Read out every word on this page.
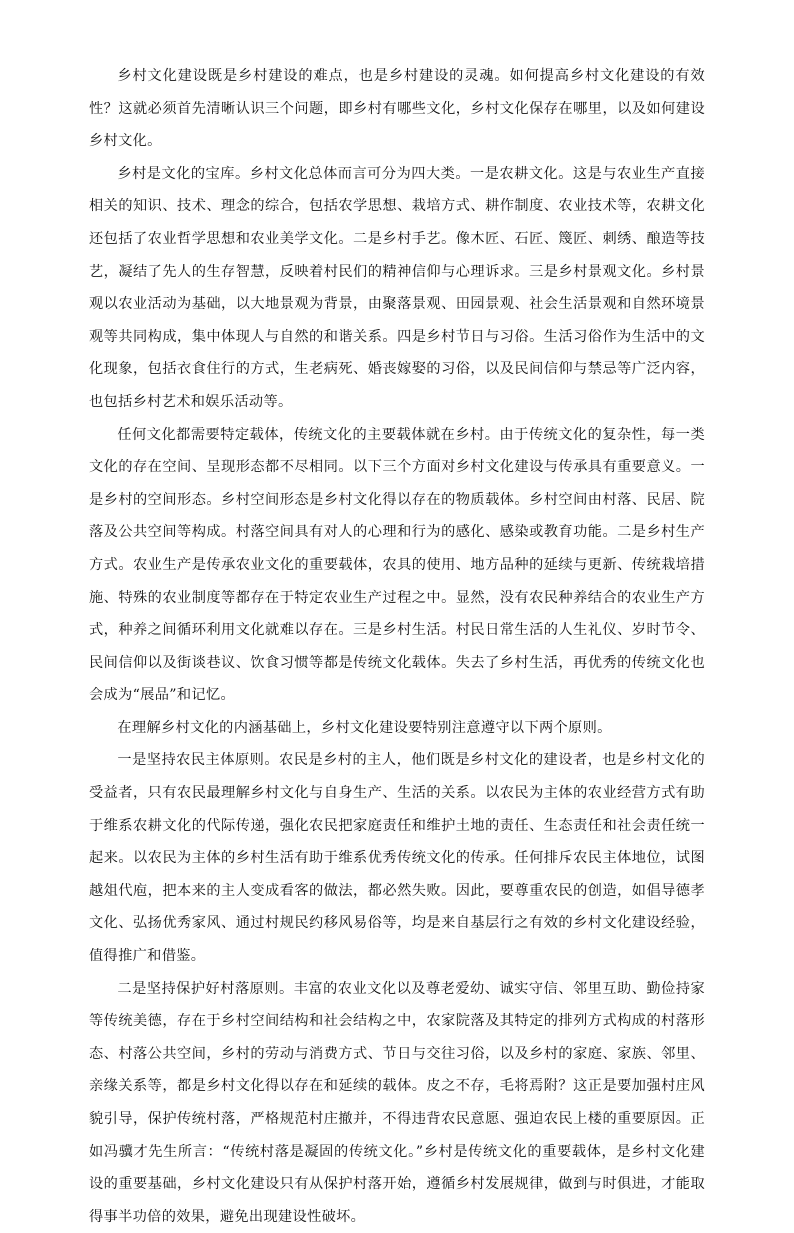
乡村文化建设既是乡村建设的难点，也是乡村建设的灵魂。如何提高乡村文化建设的有效性？这就必须首先清晰认识三个问题，即乡村有哪些文化，乡村文化保存在哪里，以及如何建设乡村文化。

乡村是文化的宝库。乡村文化总体而言可分为四大类。一是农耕文化。这是与农业生产直接相关的知识、技术、理念的综合，包括农学思想、栽培方式、耕作制度、农业技术等，农耕文化还包括了农业哲学思想和农业美学文化。二是乡村手艺。像木匠、石匠、篾匠、刺绣、酿造等技艺，凝结了先人的生存智慧，反映着村民们的精神信仰与心理诉求。三是乡村景观文化。乡村景观以农业活动为基础，以大地景观为背景，由聚落景观、田园景观、社会生活景观和自然环境景观等共同构成，集中体现人与自然的和谐关系。四是乡村节日与习俗。生活习俗作为生活中的文化现象，包括衣食住行的方式，生老病死、婚丧嫁娶的习俗，以及民间信仰与禁忌等广泛内容，也包括乡村艺术和娱乐活动等。

任何文化都需要特定载体，传统文化的主要载体就在乡村。由于传统文化的复杂性，每一类文化的存在空间、呈现形态都不尽相同。以下三个方面对乡村文化建设与传承具有重要意义。一是乡村的空间形态。乡村空间形态是乡村文化得以存在的物质载体。乡村空间由村落、民居、院落及公共空间等构成。村落空间具有对人的心理和行为的感化、感染或教育功能。二是乡村生产方式。农业生产是传承农业文化的重要载体，农具的使用、地方品种的延续与更新、传统栽培措施、特殊的农业制度等都存在于特定农业生产过程之中。显然，没有农民种养结合的农业生产方式，种养之间循环利用文化就难以存在。三是乡村生活。村民日常生活的人生礼仪、岁时节令、民间信仰以及街谈巷议、饮食习惯等都是传统文化载体。失去了乡村生活，再优秀的传统文化也会成为“展品”和记忆。

在理解乡村文化的内涵基础上，乡村文化建设要特别注意遵守以下两个原则。

一是坚持农民主体原则。农民是乡村的主人，他们既是乡村文化的建设者，也是乡村文化的受益者，只有农民最理解乡村文化与自身生产、生活的关系。以农民为主体的农业经营方式有助于维系农耕文化的代际传递，强化农民把家庭责任和维护土地的责任、生态责任和社会责任统一起来。以农民为主体的乡村生活有助于维系优秀传统文化的传承。任何排斥农民主体地位，试图越俎代庖，把本来的主人变成看客的做法，都必然失败。因此，要尊重农民的创造，如倡导德孝文化、弘扬优秀家风、通过村规民约移风易俗等，均是来自基层行之有效的乡村文化建设经验，值得推广和借鉴。

二是坚持保护好村落原则。丰富的农业文化以及尊老爱幼、诚实守信、邻里互助、勤俭持家等传统美德，存在于乡村空间结构和社会结构之中，农家院落及其特定的排列方式构成的村落形态、村落公共空间，乡村的劳动与消费方式、节日与交往习俗，以及乡村的家庭、家族、邻里、亲缘关系等，都是乡村文化得以存在和延续的载体。皮之不存，毛将焉附？这正是要加强村庄风貌引导，保护传统村落，严格规范村庄撤并，不得违背农民意愿、强迫农民上楼的重要原因。正如冯骥才先生所言：“传统村落是凝固的传统文化。”乡村是传统文化的重要载体，是乡村文化建设的重要基础，乡村文化建设只有从保护村落开始，遵循乡村发展规律，做到与时俱进，才能取得事半功倍的效果，避免出现建设性破坏。
